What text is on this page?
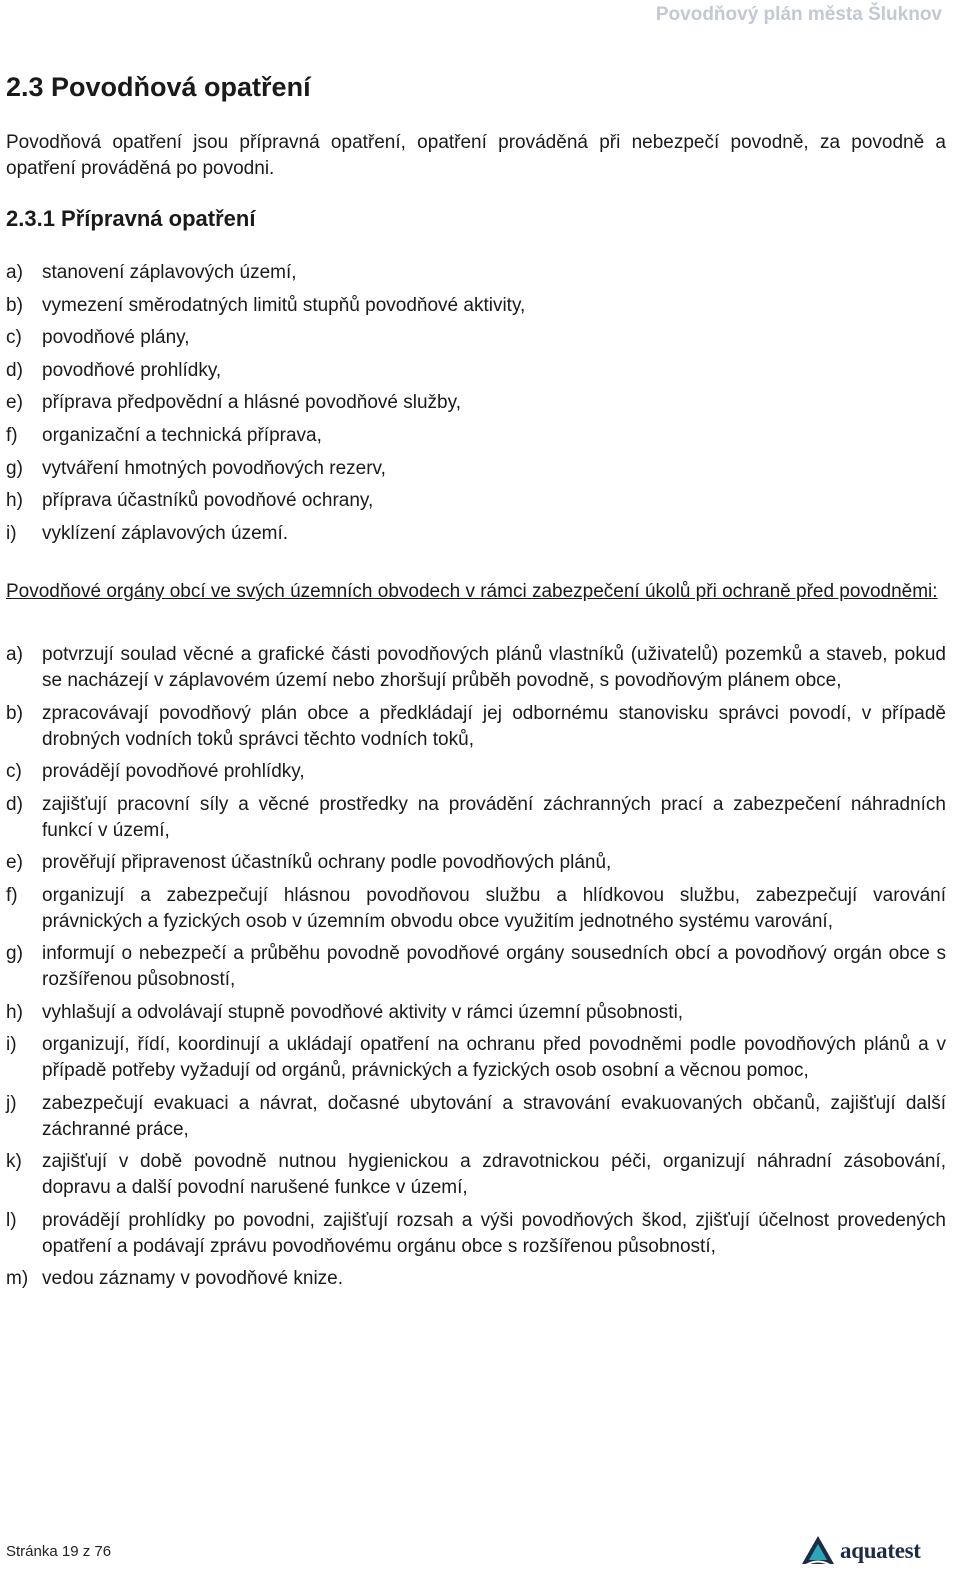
Povodňový plán města Šluknov
2.3 Povodňová opatření

Povodňová opatření jsou přípravná opatření, opatření prováděná při nebezpečí povodně, za povodně a opatření prováděná po povodni.

2.3.1 Přípravná opatření
a)	stanovení záplavových území,
b)	vymezení směrodatných limitů stupňů povodňové aktivity,
c)	povodňové plány,
d)	povodňové prohlídky,
e)	příprava předpovědní a hlásné povodňové služby,
f)	organizační a technická příprava,
g)	vytváření hmotných povodňových rezerv,
h)	příprava účastníků povodňové ochrany,
i)	vyklízení záplavových území.

Povodňové orgány obcí ve svých územních obvodech v rámci zabezpečení úkolů při ochraně před povodněmi:

a)	potvrzují soulad věcné a grafické části povodňových plánů vlastníků (uživatelů) pozemků a staveb, pokud se nacházejí v záplavovém území nebo zhoršují průběh povodně, s povodňovým plánem obce,
b)	zpracovávají povodňový plán obce a předkládají jej odbornému stanovisku správci povodí, v případě drobných vodních toků správci těchto vodních toků,
c)	provádějí povodňové prohlídky,
d)	zajišťují pracovní síly a věcné prostředky na provádění záchranných prací a zabezpečení náhradních funkcí v území,
e)	prověřují připravenost účastníků ochrany podle povodňových plánů,
f)	organizují a zabezpečují hlásnou povodňovou službu a hlídkovou službu, zabezpečují varování právnických a fyzických osob v územním obvodu obce využitím jednotného systému varování,
g)	informují o nebezpečí a průběhu povodně povodňové orgány sousedních obcí a povodňový orgán obce s rozšířenou působností,
h)	vyhlašují a odvolávají stupně povodňové aktivity v rámci územní působnosti,
i)	organizují, řídí, koordinují a ukládají opatření na ochranu před povodněmi podle povodňových plánů a v případě potřeby vyžadují od orgánů, právnických a fyzických osob osobní a věcnou pomoc,
j)	zabezpečují evakuaci a návrat, dočasné ubytování a stravování evakuovaných občanů, zajišťují další záchranné práce,
k)	zajišťují v době povodně nutnou hygienickou a zdravotnickou péči, organizují náhradní zásobování, dopravu a další povodní narušené funkce v území,
l)	provádějí prohlídky po povodni, zajišťují rozsah a výši povodňových škod, zjišťují účelnost provedených opatření a podávají zprávu povodňovému orgánu obce s rozšířenou působností,
m) vedou záznamy v povodňové knize.
Stránka 19 z 76	aquatest
